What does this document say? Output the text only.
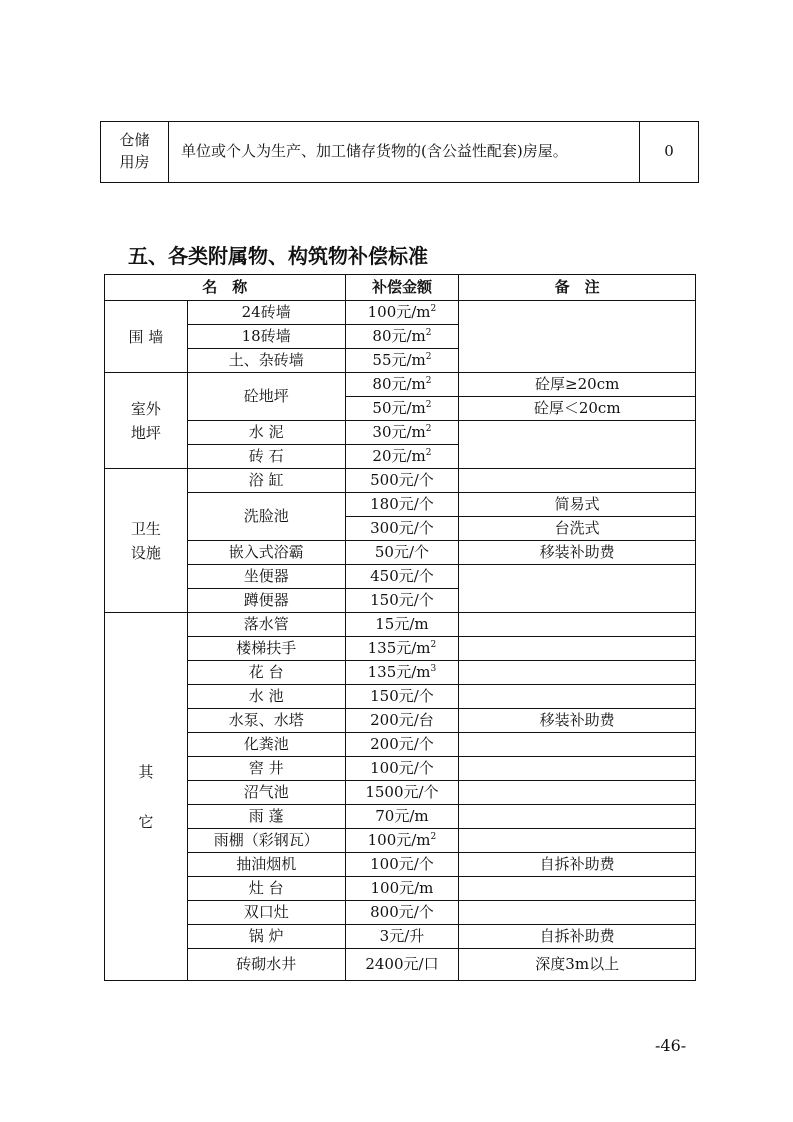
仓储
用房
	单位或个人为生产、加工储存货物的(含公益性配套)房屋。	0
五、各类附属物、构筑物补偿标准
名　称		补偿金额	备　注
围 墙	24砖墙	100元$/m^2$	
	18砖墙	80元$/m^2$
	土、杂砖墙	55元$/m^2$

室外
地坪	砼地坪	80元$/m^2$	砼厚≥20cm
		50元$/m^2$	砼厚＜20cm
	水 泥	30元$/m^2$	
	砖 石	20元$/m^2$

卫生
设施	浴 缸	500元/个	
	洗脸池	180元/个	简易式
		300元/个	台洗式
	嵌入式浴霸	50元/个	移装补助费
	坐便器	450元/个	
	蹲便器	150元/个	

其
它	落水管	15元/m	
	楼梯扶手	135元$/m^2$	
	花 台	135元$/m^3$	
	水 池	150元/个	
	水泵、水塔	200元/台	移装补助费
	化粪池	200元/个	
	窖 井	100元/个	
	沼气池	1500元/个	
	雨 蓬	70元/m	
	雨棚（彩钢瓦）	100元$/m^2$	
	抽油烟机	100元/个	自拆补助费
	灶 台	100元/m	
	双口灶	800元/个	
	锅 炉	3元/升	自拆补助费
	砖砌水井	2400元/口	深度3m以上
-46-
